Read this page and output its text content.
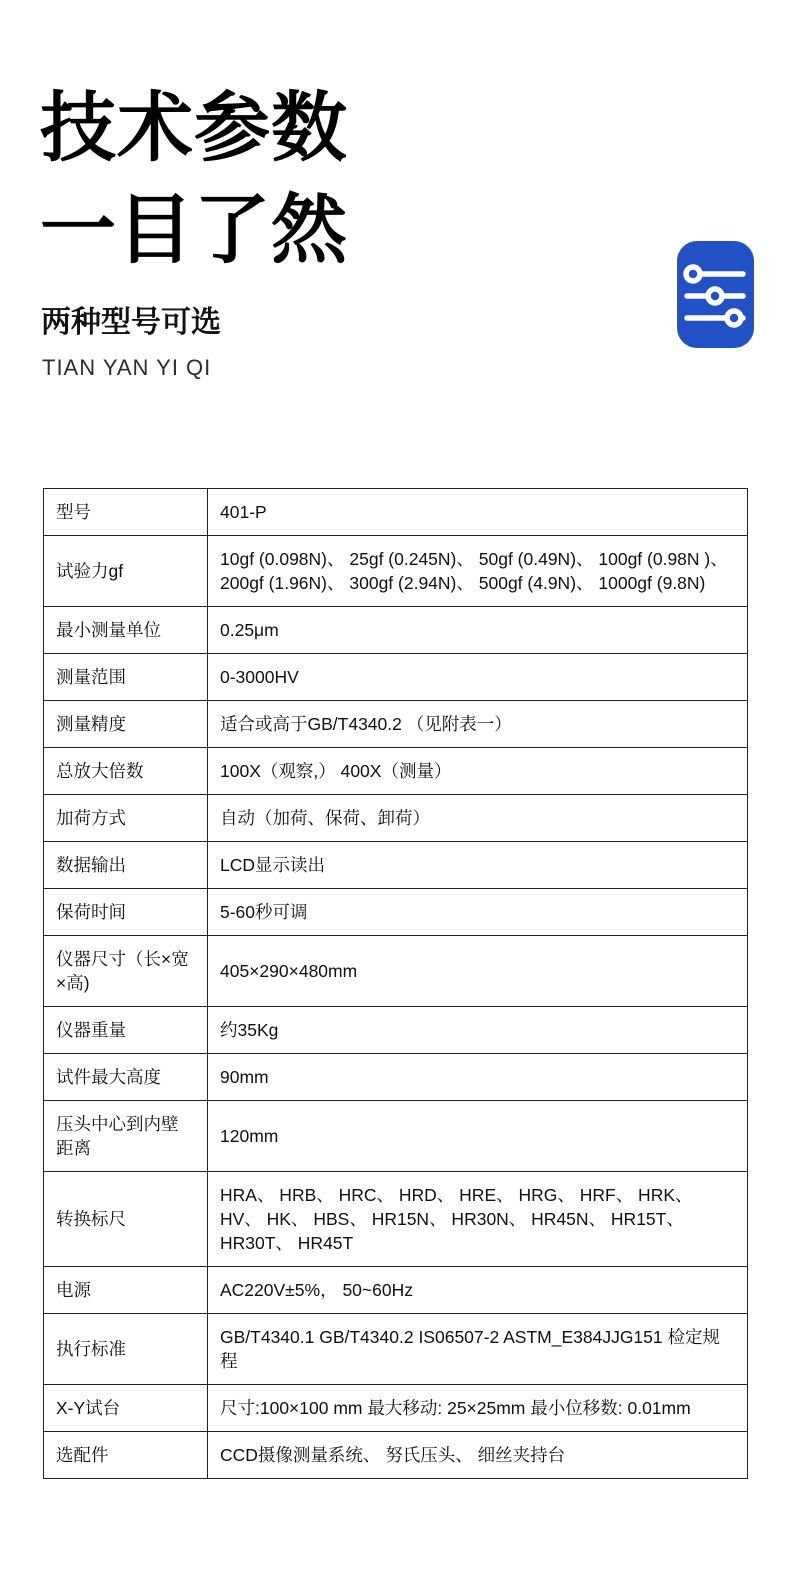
技术参数
一目了然
两种型号可选
TIAN YAN YI QI
型号	401-P
试验力gf	10gf (0.098N)、 25gf (0.245N)、 50gf (0.49N)、 100gf (0.98N )、 200gf (1.96N)、 300gf (2.94N)、 500gf (4.9N)、 1000gf (9.8N)
最小测量单位	0.25μm
测量范围	0-3000HV
测量精度	适合或高于GB/T4340.2 （见附表一）
总放大倍数	100X（观察,） 400X（测量）
加荷方式	自动（加荷、保荷、卸荷）
数据输出	LCD显示读出
保荷时间	5-60秒可调
仪器尺寸（长×宽×高)	405×290×480mm
仪器重量	约35Kg
试件最大高度	90mm
压头中心到内壁距离	120mm
转换标尺	HRA、 HRB、 HRC、 HRD、 HRE、 HRG、 HRF、 HRK、 HV、 HK、 HBS、 HR15N、 HR30N、 HR45N、 HR15T、 HR30T、 HR45T
电源	AC220V±5%， 50~60Hz
执行标准	GB/T4340.1 GB/T4340.2 IS06507-2 ASTM_E384JJG151 检定规程
X-Y试台	尺寸:100×100 mm 最大移动: 25×25mm 最小位移数: 0.01mm
选配件	CCD摄像测量系统、 努氏压头、 细丝夹持台
